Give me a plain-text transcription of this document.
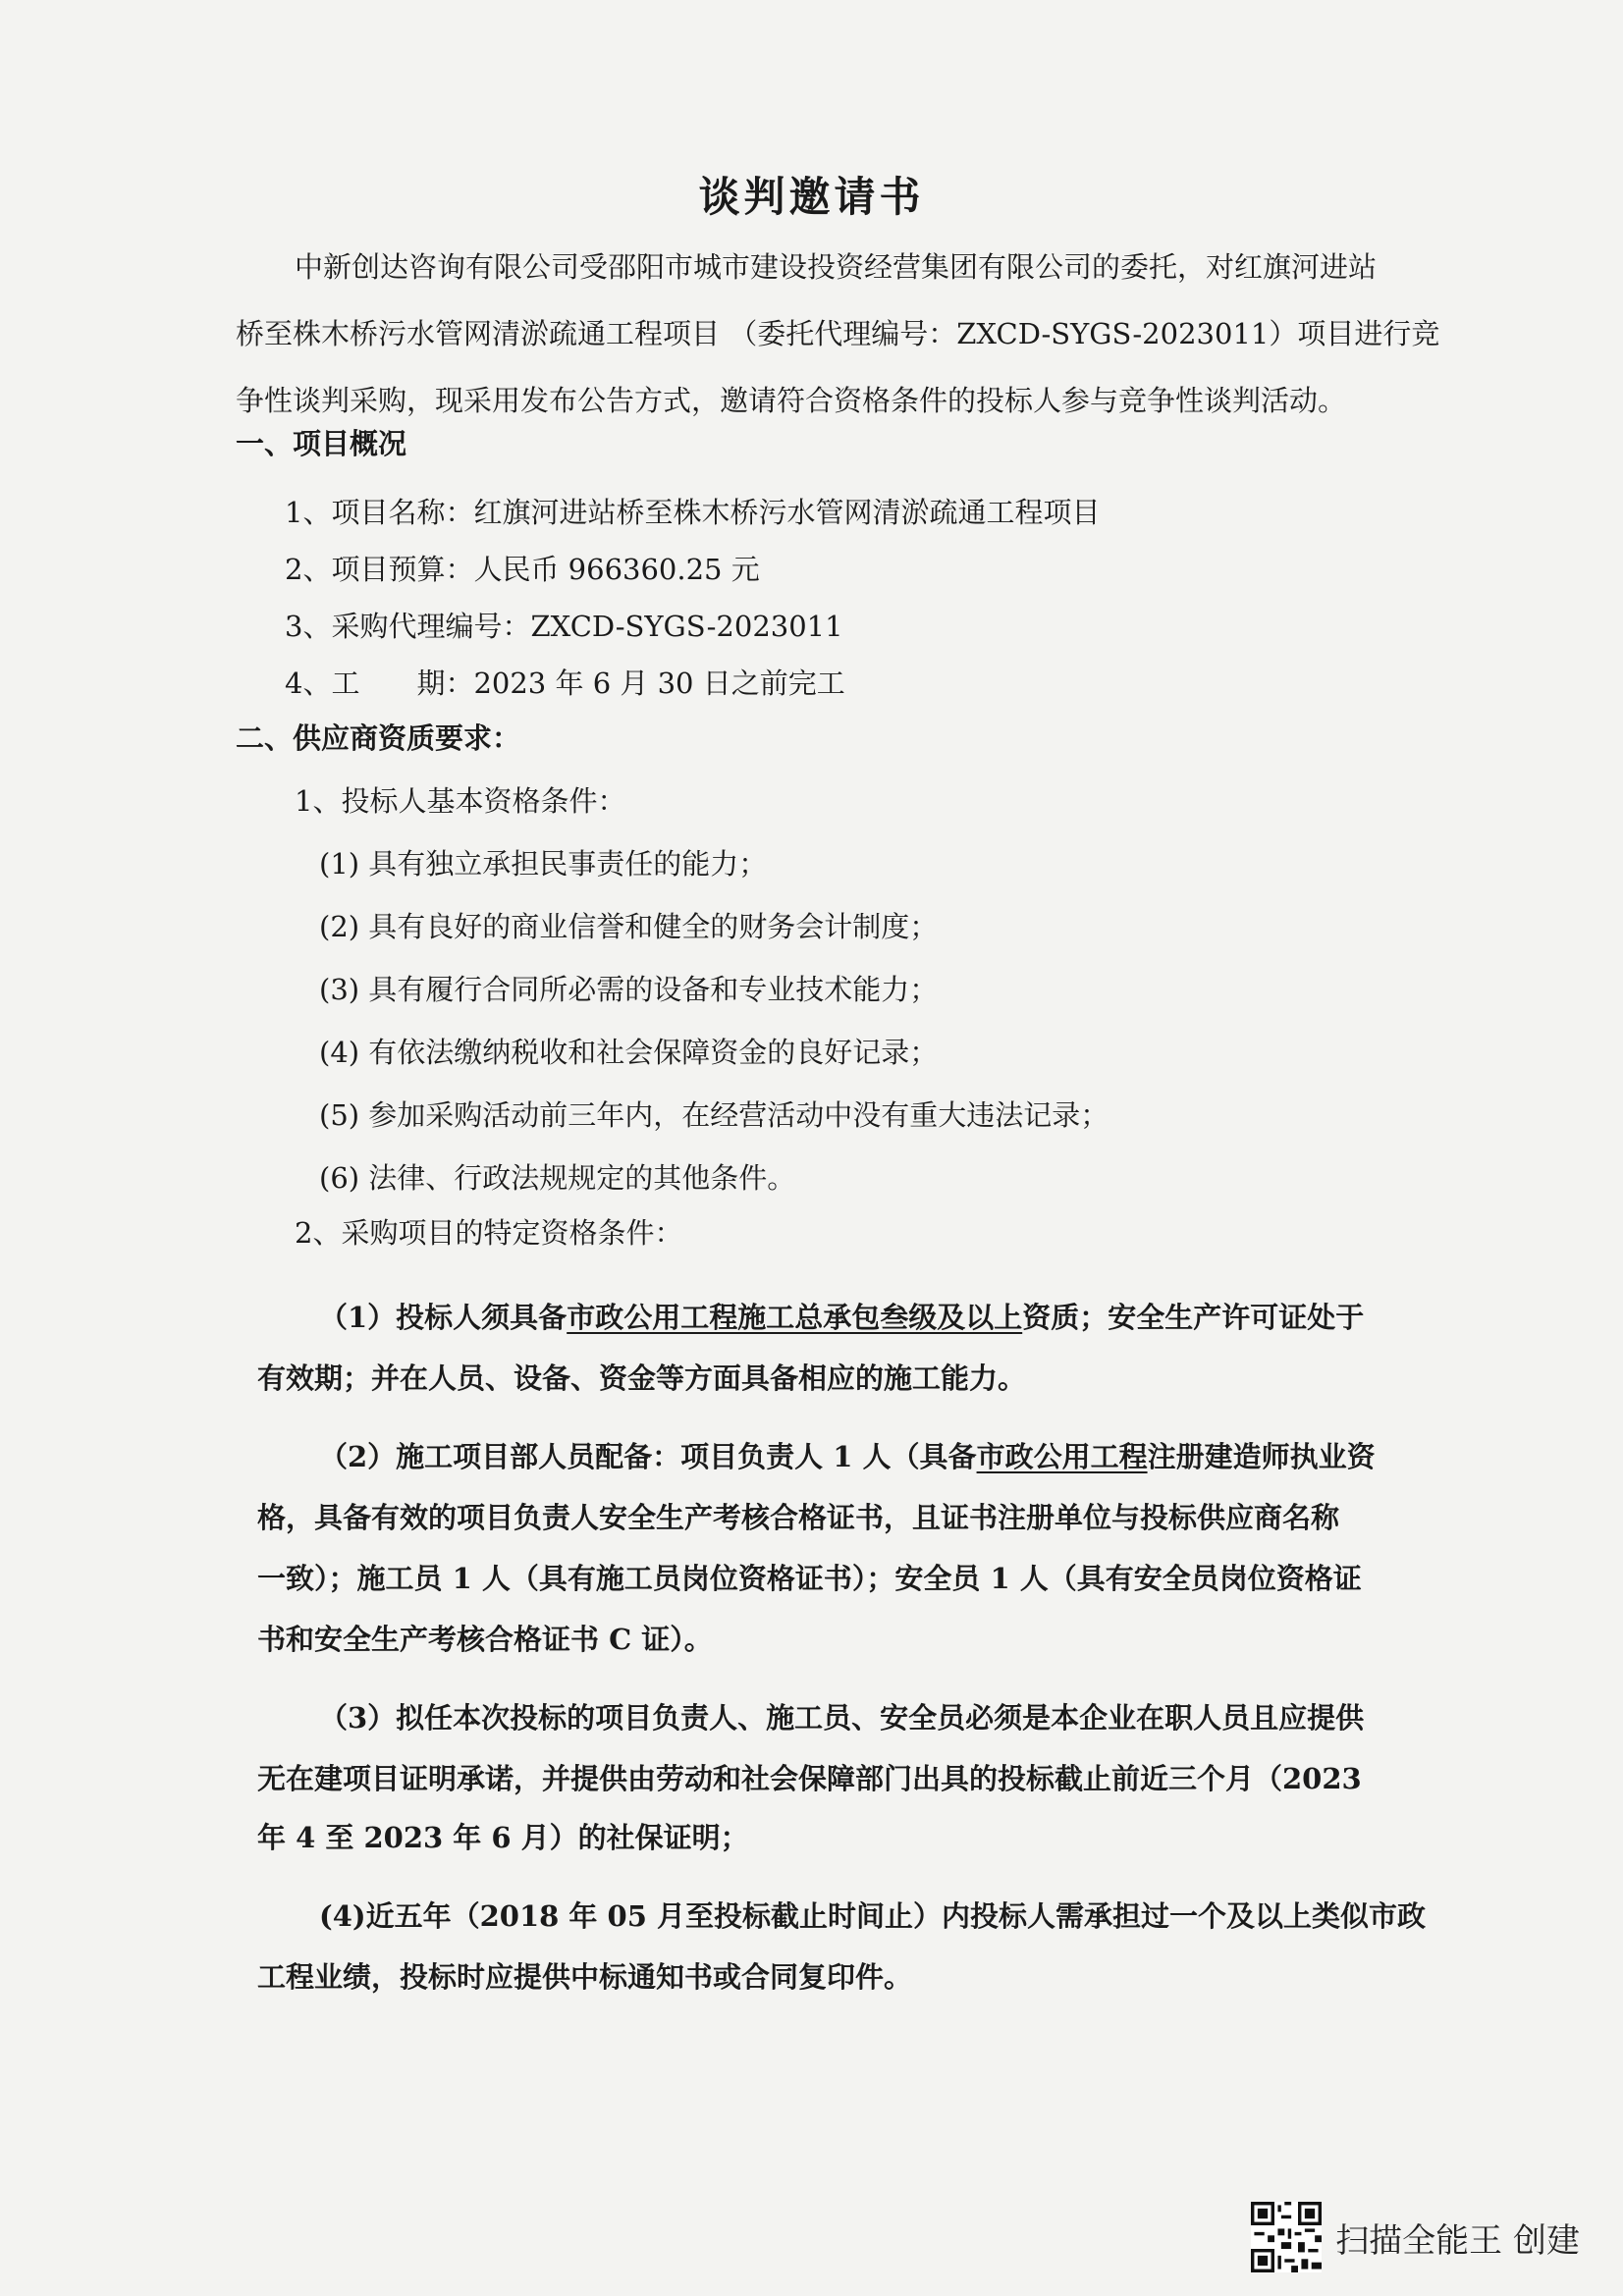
谈判邀请书
中新创达咨询有限公司受邵阳市城市建设投资经营集团有限公司的委托，对红旗河进站
桥至株木桥污水管网清淤疏通工程项目 （委托代理编号：ZXCD-SYGS-2023011）项目进行竞
争性谈判采购，现采用发布公告方式，邀请符合资格条件的投标人参与竞争性谈判活动。
一、项目概况
1、项目名称：红旗河进站桥至株木桥污水管网清淤疏通工程项目
2、项目预算：人民币 966360.25 元
3、采购代理编号：ZXCD-SYGS-2023011
4、工　　期：2023 年 6 月 30 日之前完工
二、供应商资质要求：
1、投标人基本资格条件：
(1) 具有独立承担民事责任的能力；
(2) 具有良好的商业信誉和健全的财务会计制度；
(3) 具有履行合同所必需的设备和专业技术能力；
(4) 有依法缴纳税收和社会保障资金的良好记录；
(5) 参加采购活动前三年内，在经营活动中没有重大违法记录；
(6) 法律、行政法规规定的其他条件。
2、采购项目的特定资格条件：
（1）投标人须具备市政公用工程施工总承包叁级及以上资质；安全生产许可证处于
有效期；并在人员、设备、资金等方面具备相应的施工能力。
（2）施工项目部人员配备：项目负责人 1 人（具备市政公用工程注册建造师执业资
格，具备有效的项目负责人安全生产考核合格证书，且证书注册单位与投标供应商名称
一致）；施工员 1 人（具有施工员岗位资格证书）；安全员 1 人（具有安全员岗位资格证
书和安全生产考核合格证书 C 证）。
（3）拟任本次投标的项目负责人、施工员、安全员必须是本企业在职人员且应提供
无在建项目证明承诺，并提供由劳动和社会保障部门出具的投标截止前近三个月（2023
年 4 至 2023 年 6 月）的社保证明；
(4)近五年（2018 年 05 月至投标截止时间止）内投标人需承担过一个及以上类似市政
工程业绩，投标时应提供中标通知书或合同复印件。
扫描全能王 创建
